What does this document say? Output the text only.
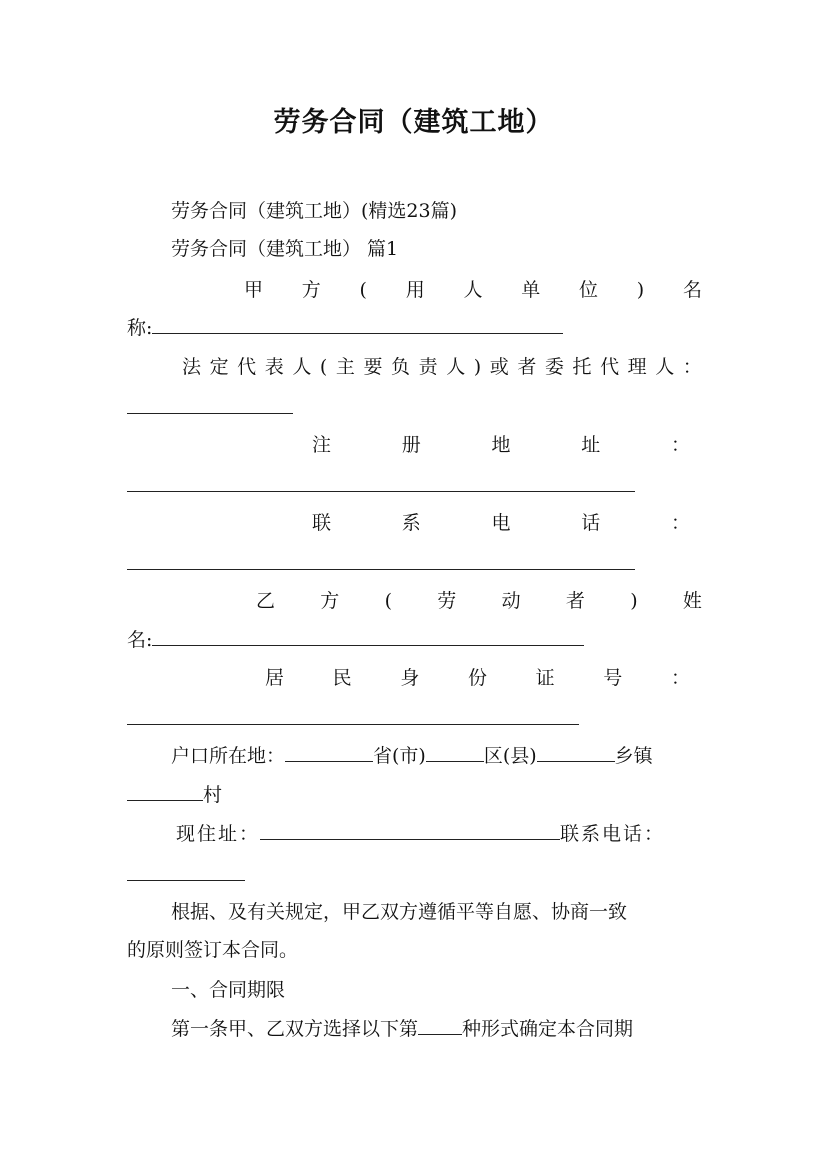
劳务合同（建筑工地）
劳务合同（建筑工地）(精选23篇)
劳务合同（建筑工地） 篇1
甲 方 ( 用 人 单 位 ) 名
称:
法 定 代 表 人 ( 主 要 负 责 人 ) 或 者 委 托 代 理 人 ：
注	册	地	址	：
联	系	电	话	：
乙 方 ( 劳 动 者 ) 姓
名:
居	民	身	份	证	号	：
户口所在地：	省(市)	区(县)	乡镇
村
现住址：	联系电话：
根据、及有关规定，甲乙双方遵循平等自愿、协商一致
的原则签订本合同。
一、合同期限
第一条甲、乙双方选择以下第 种形式确定本合同期
